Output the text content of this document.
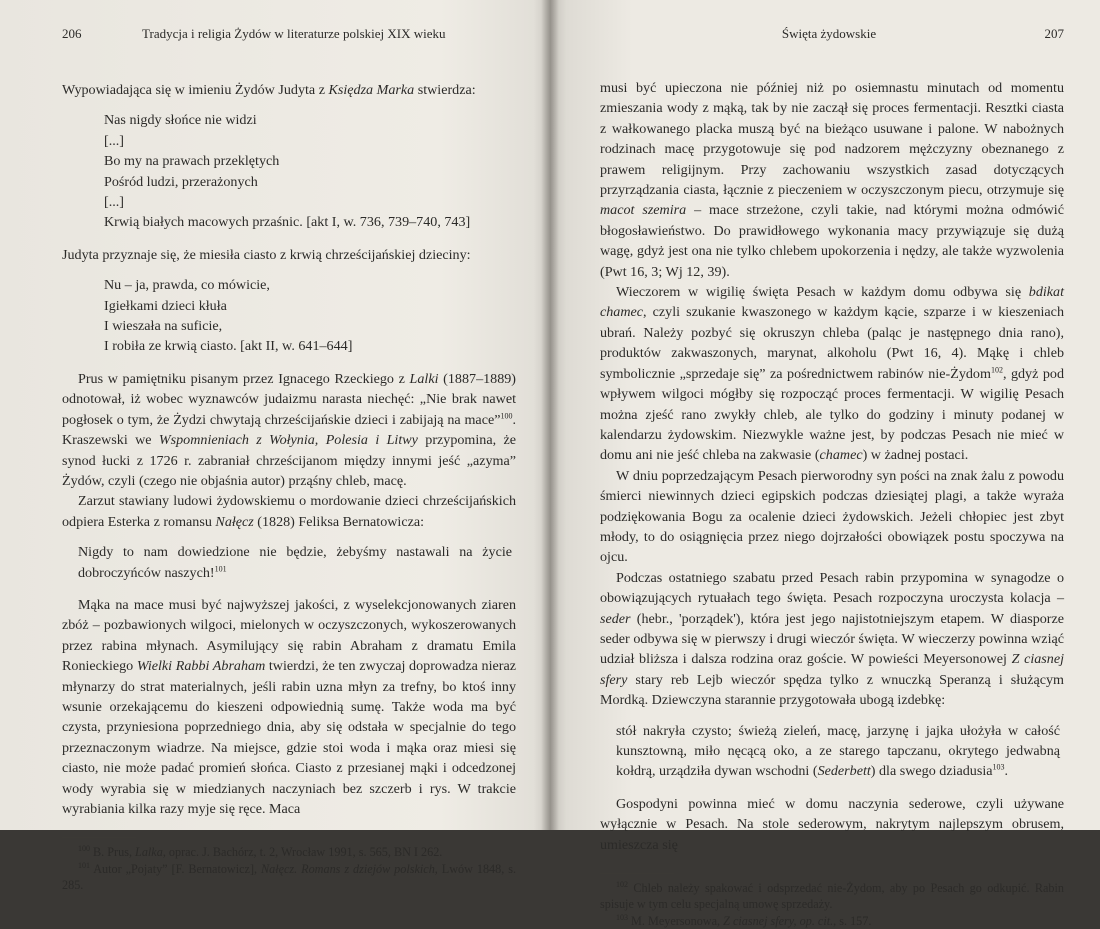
206	Tradycja i religia Żydów w literaturze polskiej XIX wieku

Wypowiadająca się w imieniu Żydów Judyta z Księdza Marka stwierdza:

Nas nigdy słońce nie widzi
[...]
Bo my na prawach przeklętych
Pośród ludzi, przerażonych
[...]
Krwią białych macowych przaśnic. [akt I, w. 736, 739–740, 743]

Judyta przyznaje się, że miesiła ciasto z krwią chrześcijańskiej dzieciny:

Nu – ja, prawda, co mówicie,
Igiełkami dzieci kłuła
I wieszała na suficie,
I robiła ze krwią ciasto. [akt II, w. 641–644]

Prus w pamiętniku pisanym przez Ignacego Rzeckiego z Lalki (1887–1889) odnotował, iż wobec wyznawców judaizmu narasta niechęć: „Nie brak nawet pogłosek o tym, że Żydzi chwytają chrześcijańskie dzieci i zabijają na mace”$^{100}$. Kraszewski we Wspomnieniach z Wołynia, Polesia i Litwy przypomina, że synod łucki z 1726 r. zabraniał chrześcijanom między innymi jeść „azyma” Żydów, czyli (czego nie objaśnia autor) prząśny chleb, macę.

Zarzut stawiany ludowi żydowskiemu o mordowanie dzieci chrześcijańskich odpiera Esterka z romansu Nałęcz (1828) Feliksa Bernatowicza:

Nigdy to nam dowiedzione nie będzie, żebyśmy nastawali na życie dobroczyńców naszych!$^{101}$

Mąka na mace musi być najwyższej jakości, z wyselekcjonowanych ziaren zbóż – pozbawionych wilgoci, mielonych w oczyszczonych, wykoszerowanych przez rabina młynach. Asymilujący się rabin Abraham z dramatu Emila Ronieckiego Wielki Rabbi Abraham twierdzi, że ten zwyczaj doprowadza nieraz młynarzy do strat materialnych, jeśli rabin uzna młyn za trefny, bo ktoś inny wsunie orzekającemu do kieszeni odpowiednią sumę. Także woda ma być czysta, przyniesiona poprzedniego dnia, aby się odstała w specjalnie do tego przeznaczonym wiadrze. Na miejsce, gdzie stoi woda i mąka oraz miesi się ciasto, nie może padać promień słońca. Ciasto z przesianej mąki i odcedzonej wody wyrabia się w miedzianych naczyniach bez szczerb i rys. W trakcie wyrabiania kilka razy myje się ręce. Maca

$^{100}$ B. Prus, Lalka, oprac. J. Bachórz, t. 2, Wrocław 1991, s. 565, BN I 262.

$^{101}$ Autor „Pojaty” [F. Bernatowicz], Nałęcz. Romans z dziejów polskich, Lwów 1848, s. 285.

Święta żydowskie	207

musi być upieczona nie później niż po osiemnastu minutach od momentu zmieszania wody z mąką, tak by nie zaczął się proces fermentacji. Resztki ciasta z wałkowanego placka muszą być na bieżąco usuwane i palone. W nabożnych rodzinach macę przygotowuje się pod nadzorem mężczyzny obeznanego z prawem religijnym. Przy zachowaniu wszystkich zasad dotyczących przyrządzania ciasta, łącznie z pieczeniem w oczyszczonym piecu, otrzymuje się macot szemira – mace strzeżone, czyli takie, nad którymi można odmówić błogosławieństwo. Do prawidłowego wykonania macy przywiązuje się dużą wagę, gdyż jest ona nie tylko chlebem upokorzenia i nędzy, ale także wyzwolenia (Pwt 16, 3; Wj 12, 39).

Wieczorem w wigilię święta Pesach w każdym domu odbywa się bdikat chamec, czyli szukanie kwaszonego w każdym kącie, szparze i w kieszeniach ubrań. Należy pozbyć się okruszyn chleba (paląc je następnego dnia rano), produktów zakwaszonych, marynat, alkoholu (Pwt 16, 4). Mąkę i chleb symbolicznie „sprzedaje się” za pośrednictwem rabinów nie-Żydom$^{102}$, gdyż pod wpływem wilgoci mógłby się rozpocząć proces fermentacji. W wigilię Pesach można zjeść rano zwykły chleb, ale tylko do godziny i minuty podanej w kalendarzu żydowskim. Niezwykle ważne jest, by podczas Pesach nie mieć w domu ani nie jeść chleba na zakwasie (chamec) w żadnej postaci.

W dniu poprzedzającym Pesach pierworodny syn pości na znak żalu z powodu śmierci niewinnych dzieci egipskich podczas dziesiątej plagi, a także wyraża podziękowania Bogu za ocalenie dzieci żydowskich. Jeżeli chłopiec jest zbyt młody, to do osiągnięcia przez niego dojrzałości obowiązek postu spoczywa na ojcu.

Podczas ostatniego szabatu przed Pesach rabin przypomina w synagodze o obowiązujących rytuałach tego święta. Pesach rozpoczyna uroczysta kolacja – seder (hebr., 'porządek'), która jest jego najistotniejszym etapem. W diasporze seder odbywa się w pierwszy i drugi wieczór święta. W wieczerzy powinna wziąć udział bliższa i dalsza rodzina oraz goście. W powieści Meyersonowej Z ciasnej sfery stary reb Lejb wieczór spędza tylko z wnuczką Speranzą i służącym Mordką. Dziewczyna starannie przygotowała ubogą izdebkę:

stół nakryła czysto; świeżą zieleń, macę, jarzynę i jajka ułożyła w całość kunsztowną, miło nęcącą oko, a ze starego tapczanu, okrytego jedwabną kołdrą, urządziła dywan wschodni (Sederbett) dla swego dziadusia$^{103}$.

Gospodyni powinna mieć w domu naczynia sederowe, czyli używane wyłącznie w Pesach. Na stole sederowym, nakrytym najlepszym obrusem, umieszcza się

$^{102}$ Chleb należy spakować i odsprzedać nie-Żydom, aby po Pesach go odkupić. Rabin spisuje w tym celu specjalną umowę sprzedaży.

$^{103}$ M. Meyersonowa, Z ciasnej sfery, op. cit., s. 157.
